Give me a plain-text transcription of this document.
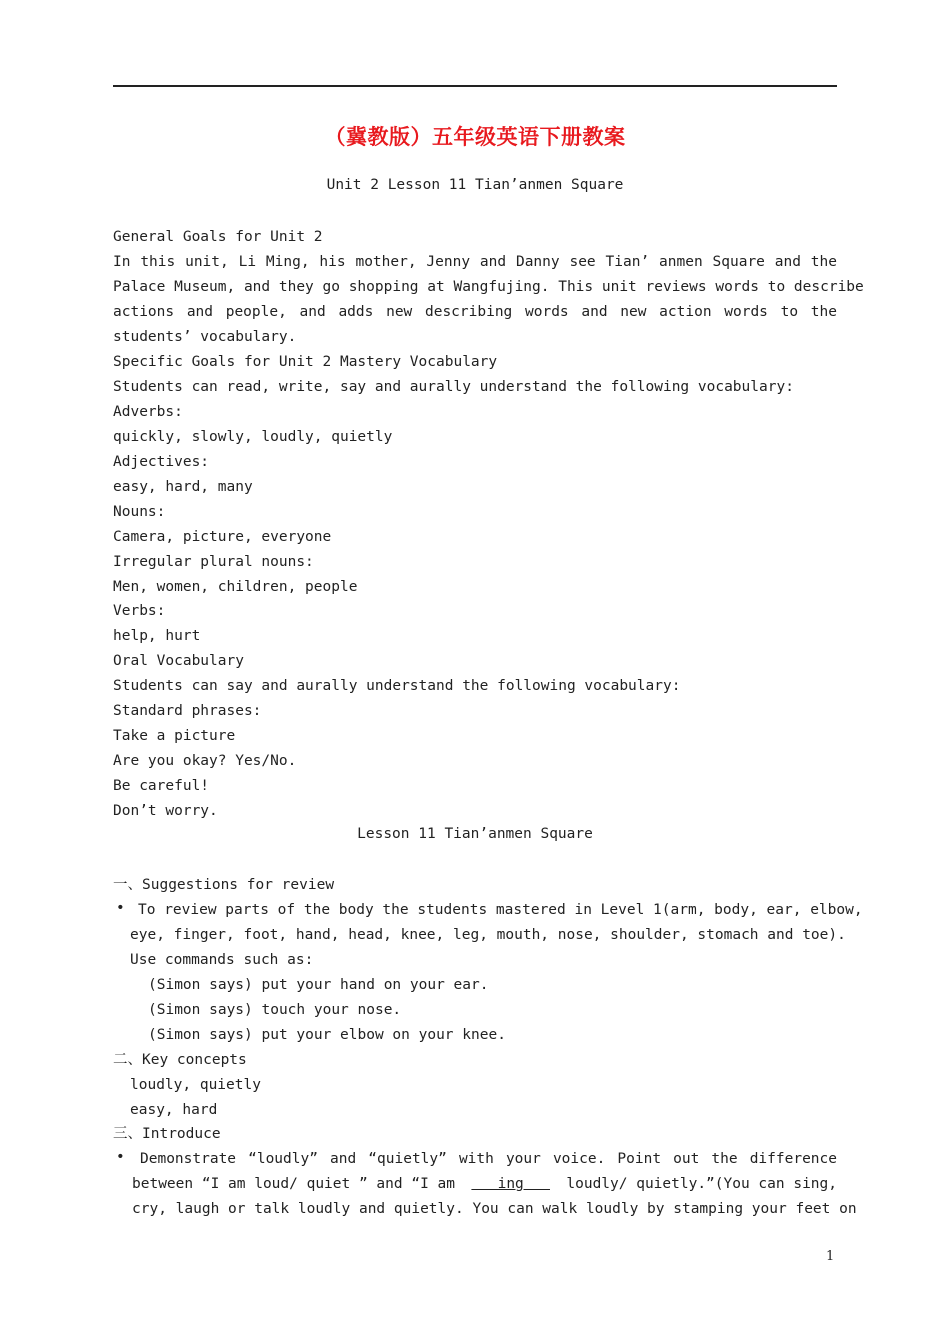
（冀教版）五年级英语下册教案
Unit 2 Lesson 11 Tian’anmen Square
General Goals for Unit 2
In this unit, Li Ming, his mother, Jenny and Danny see Tian’ anmen Square and the
Palace Museum, and they go shopping at Wangfujing. This unit reviews words to describe
actions and people, and adds new describing words and new action words to the
students’ vocabulary.
Specific Goals for Unit 2 Mastery Vocabulary
Students can read, write, say and aurally understand the following vocabulary:
Adverbs:
quickly, slowly, loudly, quietly
Adjectives:
easy, hard, many
Nouns:
Camera, picture, everyone
Irregular plural nouns:
Men, women, children, people
Verbs:
help, hurt
Oral Vocabulary
Students can say and aurally understand the following vocabulary:
Standard phrases:
Take a picture
Are you okay? Yes/No.
Be careful!
Don’t worry.
Lesson 11 Tian’anmen Square
一、Suggestions for review
• To review parts of the body the students mastered in Level 1(arm, body, ear, elbow,
eye, finger, foot, hand, head, knee, leg, mouth, nose, shoulder, stomach and toe).
Use commands such as:
(Simon says) put your hand on your ear.
(Simon says) touch your nose.
(Simon says) put your elbow on your knee.
二、Key concepts
loudly, quietly
easy, hard
三、Introduce
• Demonstrate “loudly” and “quietly” with your voice. Point out the difference
between “I am loud/ quiet ” and “I am ing loudly/ quietly.”(You can sing,
cry, laugh or talk loudly and quietly. You can walk loudly by stamping your feet on
1
